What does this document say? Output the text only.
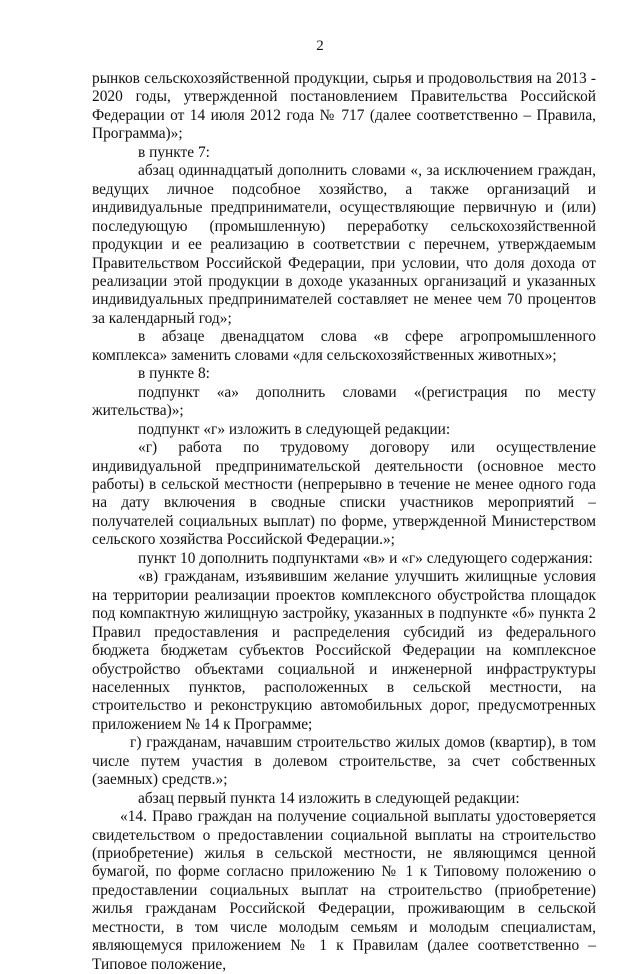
2

рынков сельскохозяйственной продукции, сырья и продовольствия на 2013 - 2020 годы, утвержденной постановлением Правительства Российской Федерации от 14 июля 2012 года № 717 (далее соответственно – Правила, Программа)»;

в пункте 7:

абзац одиннадцатый дополнить словами «, за исключением граждан, ведущих личное подсобное хозяйство, а также организаций и индивидуальные предприниматели, осуществляющие первичную и (или) последующую (промышленную) переработку сельскохозяйственной продукции и ее реализацию в соответствии с перечнем, утверждаемым Правительством Российской Федерации, при условии, что доля дохода от реализации этой продукции в доходе указанных организаций и указанных индивидуальных предпринимателей составляет не менее чем 70 процентов за календарный год»;

в абзаце двенадцатом слова «в сфере агропромышленного комплекса» заменить словами «для сельскохозяйственных животных»;

в пункте 8:

подпункт «а» дополнить словами «(регистрация по месту жительства)»;

подпункт «г» изложить в следующей редакции:

«г) работа по трудовому договору или осуществление индивидуальной предпринимательской деятельности (основное место работы) в сельской местности (непрерывно в течение не менее одного года на дату включения в сводные списки участников мероприятий – получателей социальных выплат) по форме, утвержденной Министерством сельского хозяйства Российской Федерации.»;

пункт 10 дополнить подпунктами «в» и «г» следующего содержания:

«в) гражданам, изъявившим желание улучшить жилищные условия на территории реализации проектов комплексного обустройства площадок под компактную жилищную застройку, указанных в подпункте «б» пункта 2 Правил предоставления и распределения субсидий из федерального бюджета бюджетам субъектов Российской Федерации на комплексное обустройство объектами социальной и инженерной инфраструктуры населенных пунктов, расположенных в сельской местности, на строительство и реконструкцию автомобильных дорог, предусмотренных приложением № 14 к Программе;

г) гражданам, начавшим строительство жилых домов (квартир), в том числе путем участия в долевом строительстве, за счет собственных (заемных) средств.»;

абзац первый пункта 14 изложить в следующей редакции:

«14. Право граждан на получение социальной выплаты удостоверяется свидетельством о предоставлении социальной выплаты на строительство (приобретение) жилья в сельской местности, не являющимся ценной бумагой, по форме согласно приложению № 1 к Типовому положению о предоставлении социальных выплат на строительство (приобретение) жилья гражданам Российской Федерации, проживающим в сельской местности, в том числе молодым семьям и молодым специалистам, являющемуся приложением № 1 к Правилам (далее соответственно – Типовое положение,
